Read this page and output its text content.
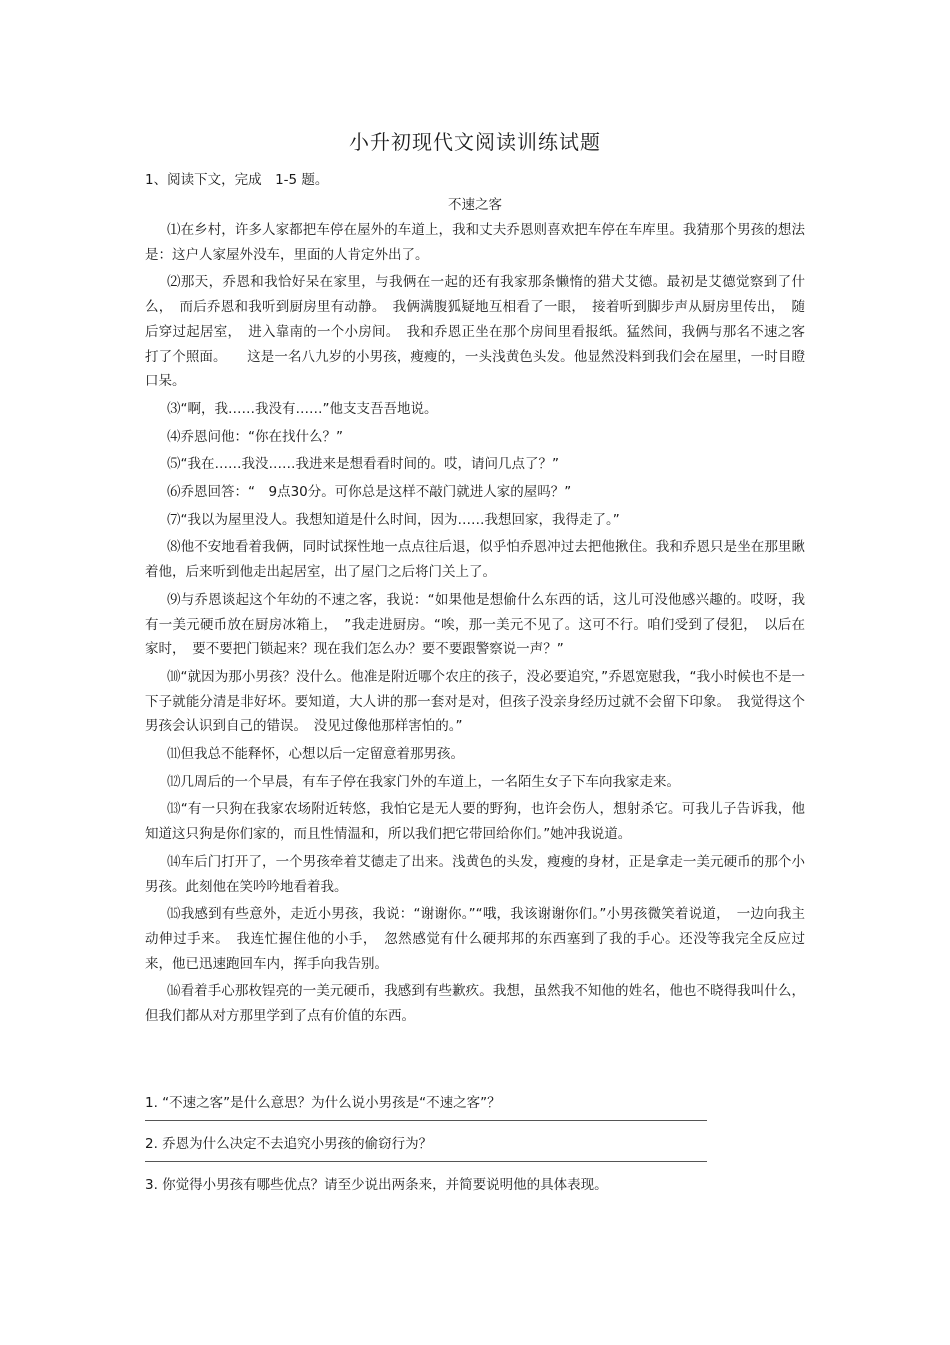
小升初现代文阅读训练试题
1、阅读下文，完成　1-5 题。
不速之客

⑴在乡村，许多人家都把车停在屋外的车道上，我和丈夫乔恩则喜欢把车停在车库里。我猜那个男孩的想法是：这户人家屋外没车，里面的人肯定外出了。

⑵那天，乔恩和我恰好呆在家里，与我俩在一起的还有我家那条懒惰的猎犬艾德。最初是艾德觉察到了什么，　而后乔恩和我听到厨房里有动静。　我俩满腹狐疑地互相看了一眼，　接着听到脚步声从厨房里传出，　随后穿过起居室，　进入靠南的一个小房间。　我和乔恩正坐在那个房间里看报纸。猛然间，我俩与那名不速之客打了个照面。　　这是一名八九岁的小男孩，瘦瘦的，一头浅黄色头发。他显然没料到我们会在屋里，一时目瞪口呆。

⑶“啊，我……我没有……”他支支吾吾地说。

⑷乔恩问他：“你在找什么？”

⑸“我在……我没……我进来是想看看时间的。哎，请问几点了？”

⑹乔恩回答：“　9点30分。可你总是这样不敲门就进人家的屋吗？”

⑺“我以为屋里没人。我想知道是什么时间，因为……我想回家，我得走了。”

⑻他不安地看着我俩，同时试探性地一点点往后退，似乎怕乔恩冲过去把他揪住。我和乔恩只是坐在那里瞅着他，后来听到他走出起居室，出了屋门之后将门关上了。

⑼与乔恩谈起这个年幼的不速之客，我说：“如果他是想偷什么东西的话，这儿可没他感兴趣的。哎呀，我有一美元硬币放在厨房冰箱上，　”我走进厨房。“唉，那一美元不见了。这可不行。咱们受到了侵犯，　以后在家时，　要不要把门锁起来？现在我们怎么办？要不要跟警察说一声？”

⑽“就因为那小男孩？没什么。他准是附近哪个农庄的孩子，没必要追究，”乔恩宽慰我，“我小时候也不是一下子就能分清是非好坏。要知道，大人讲的那一套对是对，但孩子没亲身经历过就不会留下印象。　我觉得这个男孩会认识到自己的错误。　没见过像他那样害怕的。”

⑾但我总不能释怀，心想以后一定留意着那男孩。

⑿几周后的一个早晨，有车子停在我家门外的车道上，一名陌生女子下车向我家走来。

⒀“有一只狗在我家农场附近转悠，我怕它是无人要的野狗，也许会伤人，想射杀它。可我儿子告诉我，他知道这只狗是你们家的，而且性情温和，所以我们把它带回给你们。”她冲我说道。

⒁车后门打开了，一个男孩牵着艾德走了出来。浅黄色的头发，瘦瘦的身材，正是拿走一美元硬币的那个小男孩。此刻他在笑吟吟地看着我。

⒂我感到有些意外，走近小男孩，我说：“谢谢你。”“哦，我该谢谢你们。”小男孩微笑着说道，　一边向我主动伸过手来。　我连忙握住他的小手，　忽然感觉有什么硬邦邦的东西塞到了我的手心。还没等我完全反应过来，他已迅速跑回车内，挥手向我告别。

⒃看着手心那枚锃亮的一美元硬币，我感到有些歉疚。我想，虽然我不知他的姓名，他也不晓得我叫什么，但我们都从对方那里学到了点有价值的东西。

1. “不速之客”是什么意思？为什么说小男孩是“不速之客”？
2. 乔恩为什么决定不去追究小男孩的偷窃行为？
3. 你觉得小男孩有哪些优点？请至少说出两条来，并简要说明他的具体表现。
